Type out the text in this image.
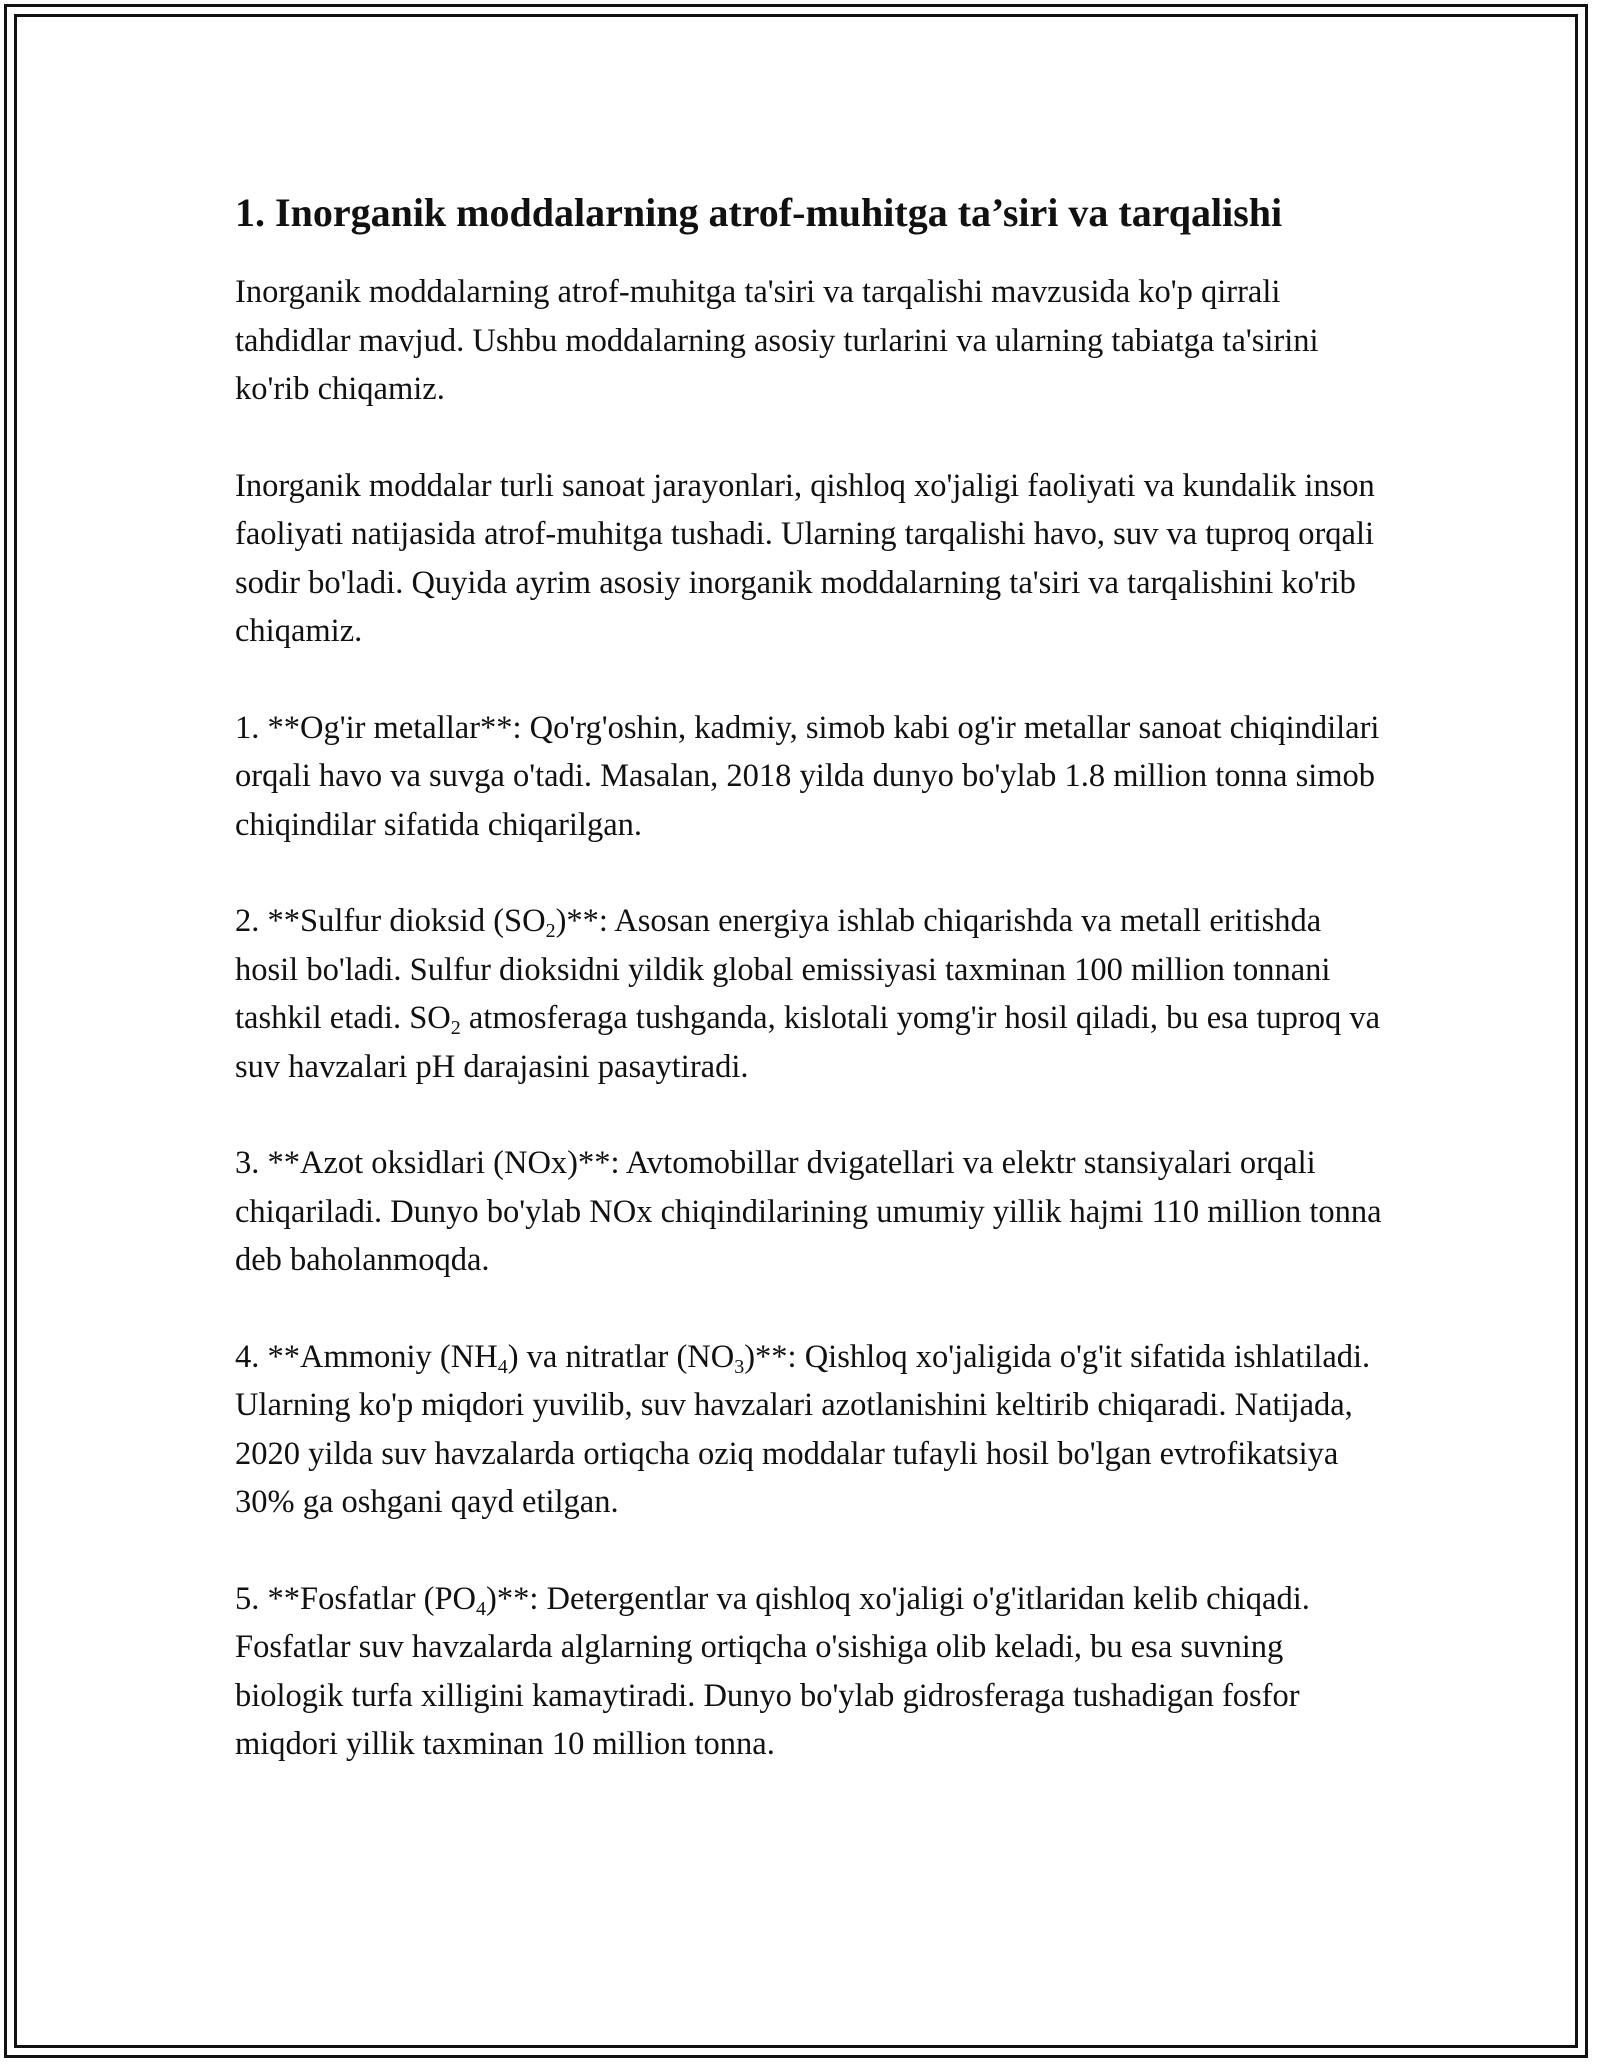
1. Inorganik moddalarning atrof-muhitga ta’siri va tarqalishi

Inorganik moddalarning atrof-muhitga ta'siri va tarqalishi mavzusida ko'p qirrali tahdidlar mavjud. Ushbu moddalarning asosiy turlarini va ularning tabiatga ta'sirini ko'rib chiqamiz.

Inorganik moddalar turli sanoat jarayonlari, qishloq xo'jaligi faoliyati va kundalik inson faoliyati natijasida atrof-muhitga tushadi. Ularning tarqalishi havo, suv va tuproq orqali sodir bo'ladi. Quyida ayrim asosiy inorganik moddalarning ta'siri va tarqalishini ko'rib chiqamiz.

1. **Og'ir metallar**: Qo'rg'oshin, kadmiy, simob kabi og'ir metallar sanoat chiqindilari orqali havo va suvga o'tadi. Masalan, 2018 yilda dunyo bo'ylab 1.8 million tonna simob chiqindilar sifatida chiqarilgan.

2. **Sulfur dioksid $(SO_2)**$: Asosan energiya ishlab chiqarishda va metall eritishda hosil bo'ladi. Sulfur dioksidni yildik global emissiyasi taxminan 100 million tonnani tashkil etadi. $SO_2$ atmosferaga tushganda, kislotali yomg'ir hosil qiladi, bu esa tuproq va suv havzalari pH darajasini pasaytiradi.

3. **Azot oksidlari (NOx)**: Avtomobillar dvigatellari va elektr stansiyalari orqali chiqariladi. Dunyo bo'ylab NOx chiqindilarining umumiy yillik hajmi 110 million tonna deb baholanmoqda.

4. **Ammoniy $(NH_4)$ va nitratlar $(NO_3)**$: Qishloq xo'jaligida o'g'it sifatida ishlatiladi. Ularning ko'p miqdori yuvilib, suv havzalari azotlanishini keltirib chiqaradi. Natijada, 2020 yilda suv havzalarda ortiqcha oziq moddalar tufayli hosil bo'lgan evtrofikatsiya 30% ga oshgani qayd etilgan.

5. **Fosfatlar $(PO_4)**$: Detergentlar va qishloq xo'jaligi o'g'itlaridan kelib chiqadi. Fosfatlar suv havzalarda alglarning ortiqcha o'sishiga olib keladi, bu esa suvning biologik turfa xilligini kamaytiradi. Dunyo bo'ylab gidrosferaga tushadigan fosfor miqdori yillik taxminan 10 million tonna.
